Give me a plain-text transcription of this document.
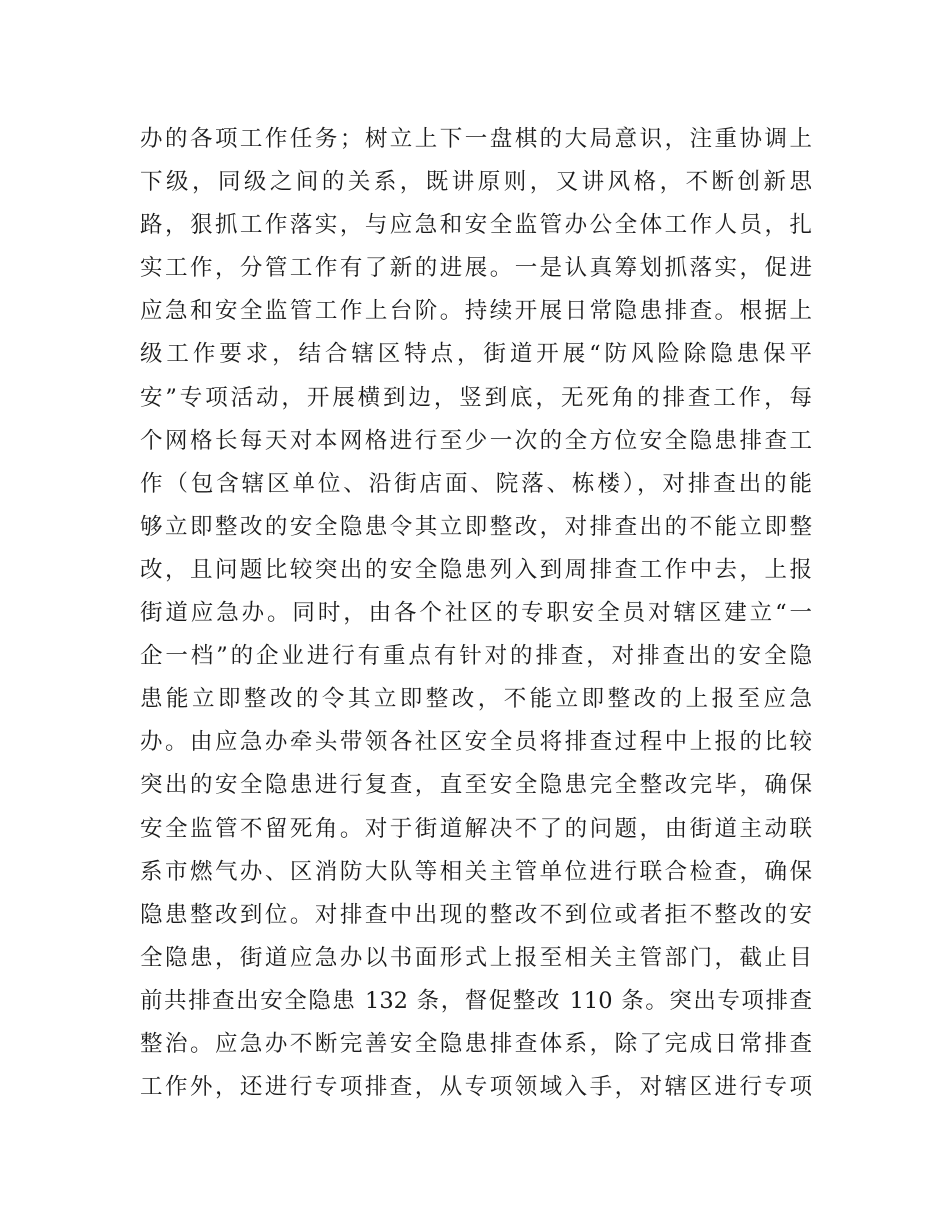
办的各项工作任务；树立上下一盘棋的大局意识，注重协调上
下级，同级之间的关系，既讲原则，又讲风格，不断创新思
路，狠抓工作落实，与应急和安全监管办公全体工作人员，扎
实工作，分管工作有了新的进展。一是认真筹划抓落实，促进
应急和安全监管工作上台阶。持续开展日常隐患排查。根据上
级工作要求，结合辖区特点，街道开展“防风险除隐患保平
安”专项活动，开展横到边，竖到底，无死角的排查工作，每
个网格长每天对本网格进行至少一次的全方位安全隐患排查工
作（包含辖区单位、沿街店面、院落、栋楼），对排查出的能
够立即整改的安全隐患令其立即整改，对排查出的不能立即整
改，且问题比较突出的安全隐患列入到周排查工作中去，上报
街道应急办。同时，由各个社区的专职安全员对辖区建立“一
企一档”的企业进行有重点有针对的排查，对排查出的安全隐
患能立即整改的令其立即整改，不能立即整改的上报至应急
办。由应急办牵头带领各社区安全员将排查过程中上报的比较
突出的安全隐患进行复查，直至安全隐患完全整改完毕，确保
安全监管不留死角。对于街道解决不了的问题，由街道主动联
系市燃气办、区消防大队等相关主管单位进行联合检查，确保
隐患整改到位。对排查中出现的整改不到位或者拒不整改的安
全隐患，街道应急办以书面形式上报至相关主管部门，截止目
前共排查出安全隐患 132 条，督促整改 110 条。突出专项排查
整治。应急办不断完善安全隐患排查体系，除了完成日常排查
工作外，还进行专项排查，从专项领域入手，对辖区进行专项
